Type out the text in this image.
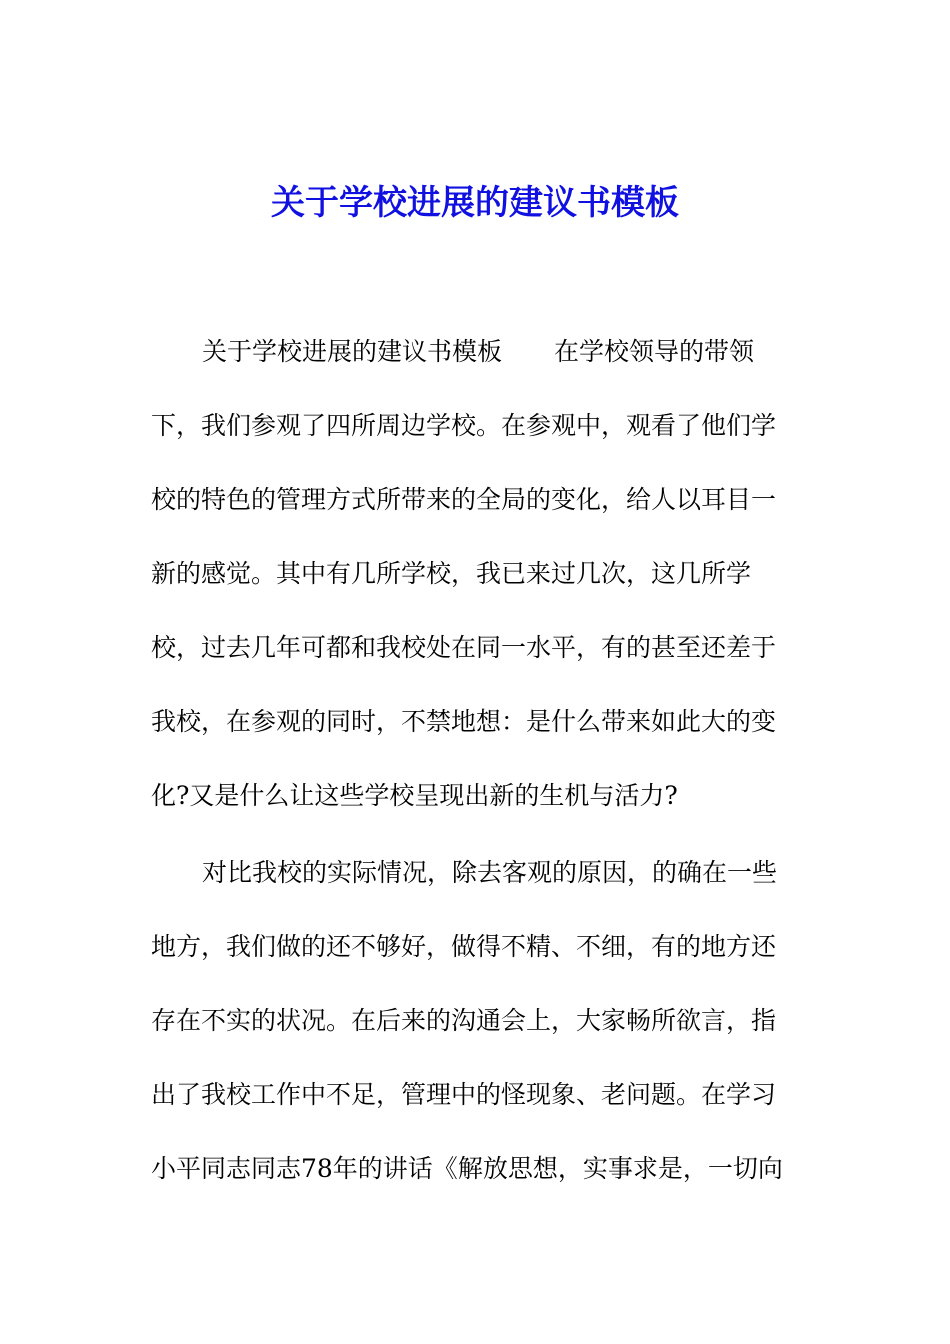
关于学校进展的建议书模板

关于学校进展的建议书模板 在学校领导的带领

下，我们参观了四所周边学校。在参观中，观看了他们学

校的特色的管理方式所带来的全局的变化，给人以耳目一

新的感觉。其中有几所学校，我已来过几次，这几所学

校，过去几年可都和我校处在同一水平，有的甚至还差于

我校，在参观的同时，不禁地想：是什么带来如此大的变

化?又是什么让这些学校呈现出新的生机与活力?

对比我校的实际情况，除去客观的原因，的确在一些

地方，我们做的还不够好，做得不精、不细，有的地方还

存在不实的状况。在后来的沟通会上，大家畅所欲言，指

出了我校工作中不足，管理中的怪现象、老问题。在学习

小平同志同志78年的讲话《解放思想，实事求是，一切向
